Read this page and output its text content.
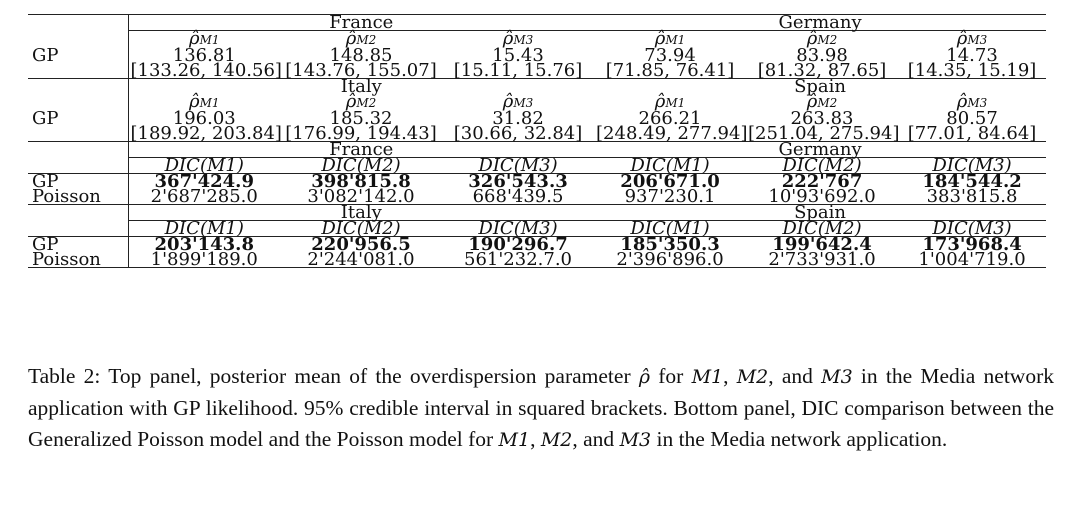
	France			Germany		
	ρ̂M1	ρ̂M2	ρ̂M3	ρ̂M1	ρ̂M2	ρ̂M3
GP	136.81	148.85	15.43	73.94	83.98	14.73
	[133.26, 140.56]	[143.76, 155.07]	[15.11, 15.76]	[71.85, 76.41]	[81.32, 87.65]	[14.35, 15.19]
	Italy			Spain		
	ρ̂M1	ρ̂M2	ρ̂M3	ρ̂M1	ρ̂M2	ρ̂M3
GP	196.03	185.32	31.82	266.21	263.83	80.57
	[189.92, 203.84]	[176.99, 194.43]	[30.66, 32.84]	[248.49, 277.94]	[251.04, 275.94]	[77.01, 84.64]
	France			Germany		
	DIC(M1)	DIC(M2)	DIC(M3)	DIC(M1)	DIC(M2)	DIC(M3)
GP	367'424.9	398'815.8	326'543.3	206'671.0	222'767	184'544.2
Poisson	2'687'285.0	3'082'142.0	668'439.5	937'230.1	10'93'692.0	383'815.8
	Italy			Spain		
	DIC(M1)	DIC(M2)	DIC(M3)	DIC(M1)	DIC(M2)	DIC(M3)
GP	203'143.8	220'956.5	190'296.7	185'350.3	199'642.4	173'968.4
Poisson	1'899'189.0	2'244'081.0	561'232.7.0	2'396'896.0	2'733'931.0	1'004'719.0
Table 2: Top panel, posterior mean of the overdispersion parameter ρ̂ for M1, M2, and M3 in the Media network application with GP likelihood. 95% credible interval in squared brackets. Bottom panel, DIC comparison between the Generalized Poisson model and the Poisson model for M1, M2, and M3 in the Media network application.
